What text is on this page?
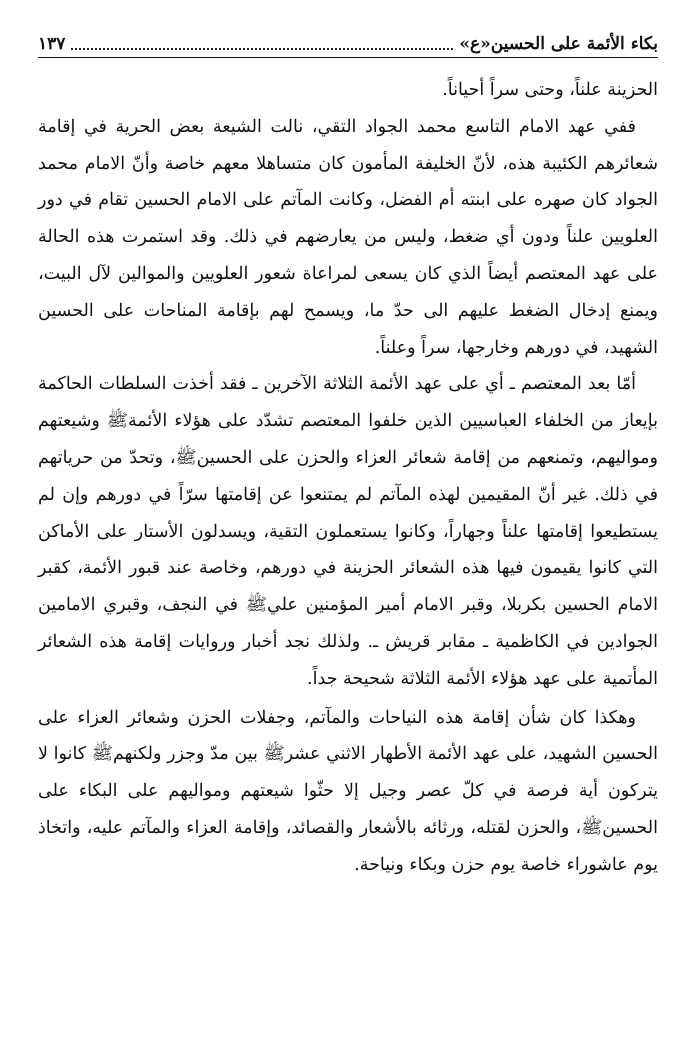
بكاء الأئمة على الحسين«ع»
١٣٧

الحزينة علناً، وحتى سراً أحياناً.

ففي عهد الامام التاسع محمد الجواد التقي، نالت الشيعة بعض الحرية في إقامة شعائرهم الكئيبة هذه، لأنّ الخليفة المأمون كان متساهلا معهم خاصة وأنّ الامام محمد الجواد كان صهره على ابنته أم الفضل، وكانت المآتم على الامام الحسين تقام في دور العلويين علناً ودون أي ضغط، وليس من يعارضهم في ذلك. وقد استمرت هذه الحالة على عهد المعتصم أيضاً الذي كان يسعى لمراعاة شعور العلويين والموالين لآل البيت، ويمنع إدخال الضغط عليهم الى حدّ ما، ويسمح لهم بإقامة المناحات على الحسين الشهيد، في دورهم وخارجها، سراً وعلناً.

أمّا بعد المعتصم ـ أي على عهد الأئمة الثلاثة الآخرين ـ فقد أخذت السلطات الحاكمة بإيعاز من الخلفاء العباسيين الذين خلفوا المعتصم تشدّد على هؤلاء الأئمةﷺ وشيعتهم ومواليهم، وتمنعهم من إقامة شعائر العزاء والحزن على الحسينﷺ، وتحدّ من حرياتهم في ذلك. غير أنّ المقيمين لهذه المآتم لم يمتنعوا عن إقامتها سرّاً في دورهم وإن لم يستطيعوا إقامتها علناً وجهاراً، وكانوا يستعملون التقية، ويسدلون الأستار على الأماكن التي كانوا يقيمون فيها هذه الشعائر الحزينة في دورهم، وخاصة عند قبور الأئمة، كقبر الامام الحسين بكربلا، وقبر الامام أمير المؤمنين عليﷺ في النجف، وقبري الامامين الجوادين في الكاظمية ـ مقابر قريش ـ. ولذلك نجد أخبار وروايات إقامة هذه الشعائر المأتمية على عهد هؤلاء الأئمة الثلاثة شحيحة جداً.

وهكذا كان شأن إقامة هذه النياحات والمآتم، وجفلات الحزن وشعائر العزاء على الحسين الشهيد، على عهد الأئمة الأطهار الاثني عشرﷺ بين مدّ وجزر ولكنهمﷺ كانوا لا يتركون أية فرصة في كلّ عصر وجيل إلا حثّوا شيعتهم ومواليهم على البكاء على الحسينﷺ، والحزن لقتله، ورثائه بالأشعار والقصائد، وإقامة العزاء والمآتم عليه، واتخاذ يوم عاشوراء خاصة يوم حزن وبكاء ونياحة.
